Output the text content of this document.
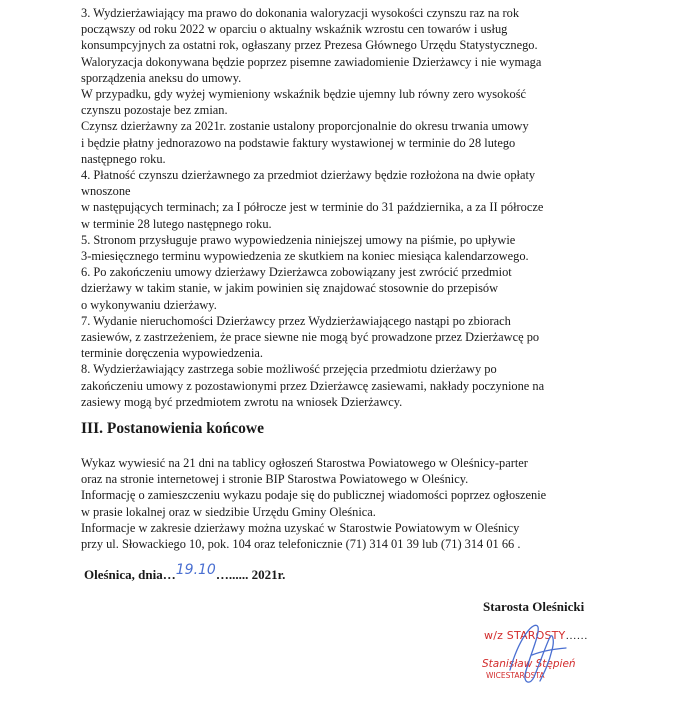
3. Wydzierżawiający ma prawo do dokonania waloryzacji wysokości czynszu raz na rok
począwszy od roku 2022 w oparciu o aktualny wskaźnik wzrostu cen towarów i usług
konsumpcyjnych za ostatni rok, ogłaszany przez Prezesa Głównego Urzędu Statystycznego.
Waloryzacja dokonywana będzie poprzez pisemne zawiadomienie Dzierżawcy i nie wymaga
sporządzenia aneksu do umowy.
W przypadku, gdy wyżej wymieniony wskaźnik będzie ujemny lub równy zero wysokość
czynszu pozostaje bez zmian.
Czynsz dzierżawny za 2021r. zostanie ustalony proporcjonalnie do okresu trwania umowy
i będzie płatny jednorazowo na podstawie faktury wystawionej w terminie do 28 lutego
następnego roku.
4. Płatność czynszu dzierżawnego za przedmiot dzierżawy będzie rozłożona na dwie opłaty
wnoszone
w następujących terminach; za I półrocze jest w terminie do 31 października, a za II półrocze
w terminie 28 lutego następnego roku.
5. Stronom przysługuje prawo wypowiedzenia niniejszej umowy na piśmie, po upływie
3-miesięcznego terminu wypowiedzenia ze skutkiem na koniec miesiąca kalendarzowego.
6. Po zakończeniu umowy dzierżawy Dzierżawca zobowiązany jest zwrócić przedmiot
dzierżawy w takim stanie, w jakim powinien się znajdować stosownie do przepisów
o wykonywaniu dzierżawy.
7. Wydanie nieruchomości Dzierżawcy przez Wydzierżawiającego nastąpi po zbiorach
zasiewów, z zastrzeżeniem, że prace siewne nie mogą być prowadzone przez Dzierżawcę po
terminie doręczenia wypowiedzenia.
8. Wydzierżawiający zastrzega sobie możliwość przejęcia przedmiotu dzierżawy po
zakończeniu umowy z pozostawionymi przez Dzierżawcę zasiewami, nakłady poczynione na
zasiewy mogą być przedmiotem zwrotu na wniosek Dzierżawcy.
III. Postanowienia końcowe
Wykaz wywiesić na 21 dni na tablicy ogłoszeń Starostwa Powiatowego w Oleśnicy-parter
oraz na stronie internetowej i stronie BIP Starostwa Powiatowego w Oleśnicy.
Informację o zamieszczeniu wykazu podaje się do publicznej wiadomości poprzez ogłoszenie
w prasie lokalnej oraz w siedzibie Urzędu Gminy Oleśnica.
Informacje w zakresie dzierżawy można uzyskać w Starostwie Powiatowym w Oleśnicy
przy ul. Słowackiego 10, pok. 104 oraz telefonicznie (71) 314 01 39 lub (71) 314 01 66 .
Oleśnica, dnia…19.10…...... 2021r.
Starosta Oleśnicki
w/z STAROSTY……
Stanisław Stępień
WICESTAROSTA
